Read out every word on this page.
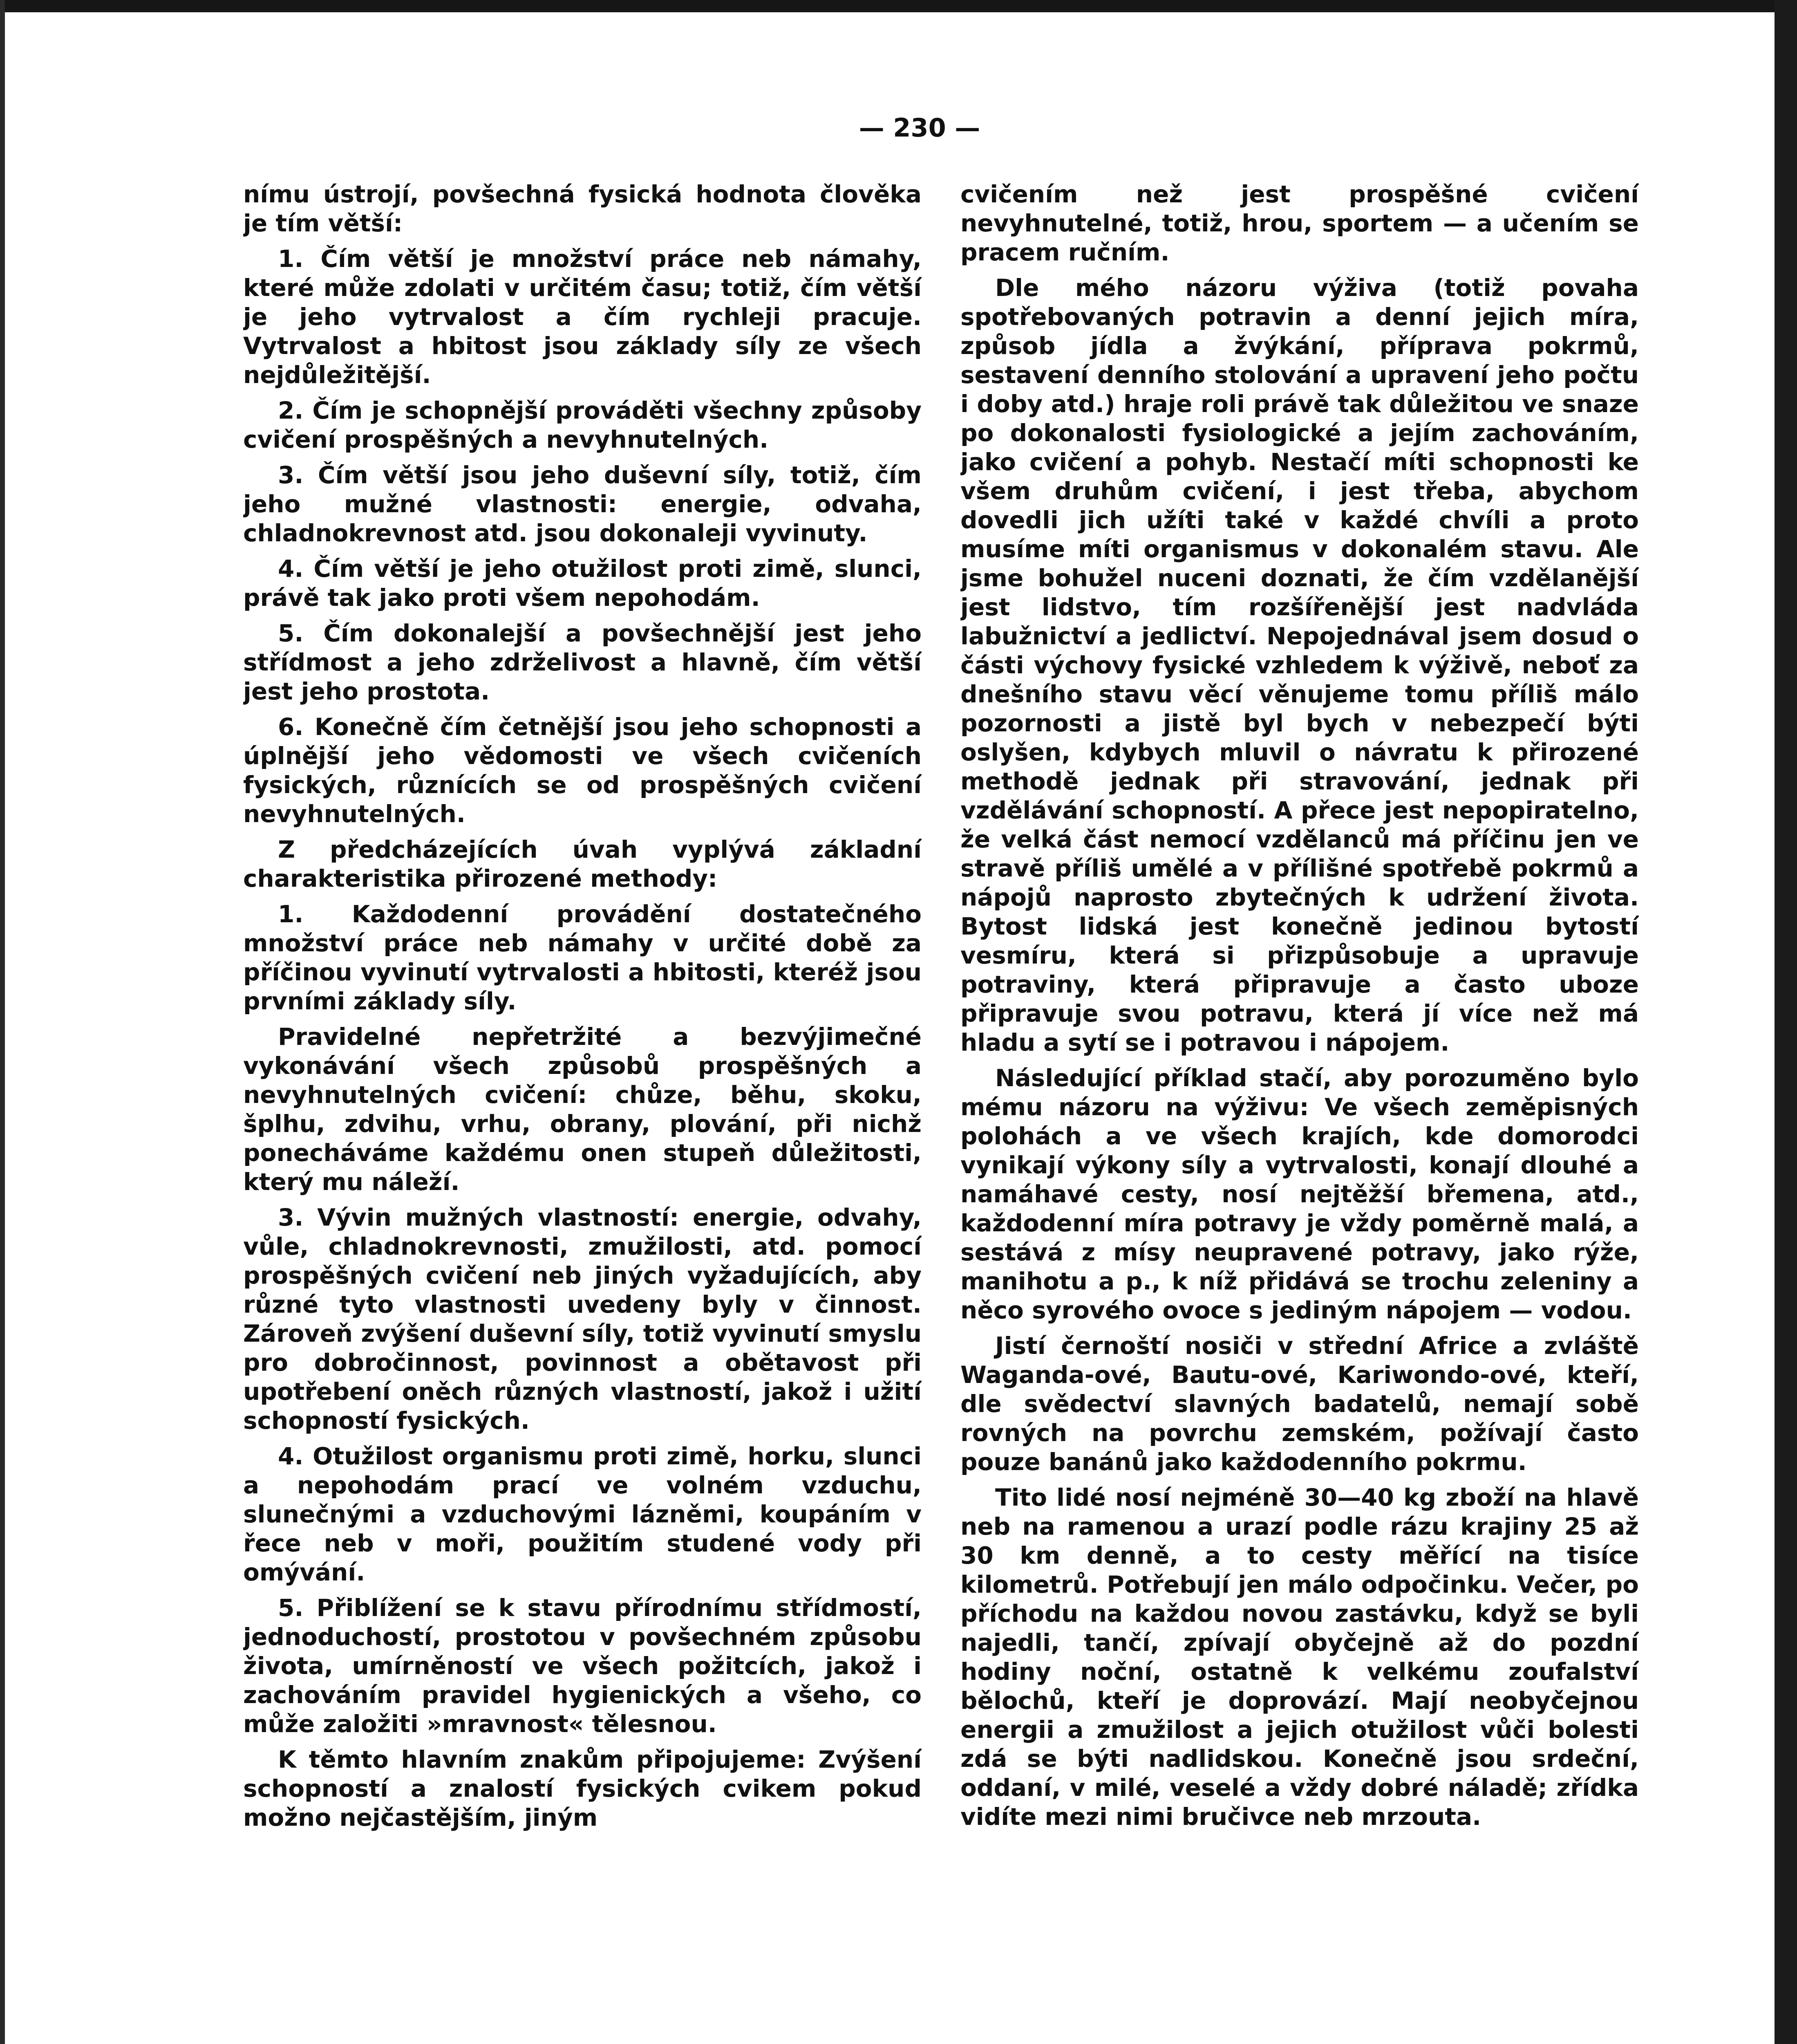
— 230 —

nímu ústrojí, povšechná fysická hodnota člověka je tím větší:

1. Čím větší je množství práce neb námahy, které může zdolati v určitém času; totiž, čím větší je jeho vytrvalost a čím rychleji pracuje. Vytrvalost a hbitost jsou základy síly ze všech nejdůležitější.

2. Čím je schopnější prováděti všechny způsoby cvičení prospěšných a nevyhnutelných.

3. Čím větší jsou jeho duševní síly, totiž, čím jeho mužné vlastnosti: energie, odvaha, chladnokrevnost atd. jsou dokonaleji vyvinuty.

4. Čím větší je jeho otužilost proti zimě, slunci, právě tak jako proti všem nepohodám.

5. Čím dokonalejší a povšechnější jest jeho střídmost a jeho zdrželivost a hlavně, čím větší jest jeho prostota.

6. Konečně čím četnější jsou jeho schopnosti a úplnější jeho vědomosti ve všech cvičeních fysických, různících se od prospěšných cvičení nevyhnutelných.

Z předcházejících úvah vyplývá základní charakteristika přirozené methody:

1. Každodenní provádění dostatečného množství práce neb námahy v určité době za příčinou vyvinutí vytrvalosti a hbitosti, kteréž jsou prvními základy síly.

Pravidelné nepřetržité a bezvýjimečné vykonávání všech způsobů prospěšných a nevyhnutelných cvičení: chůze, běhu, skoku, šplhu, zdvihu, vrhu, obrany, plování, při nichž ponecháváme každému onen stupeň důležitosti, který mu náleží.

3. Vývin mužných vlastností: energie, odvahy, vůle, chladnokrevnosti, zmužilosti, atd. pomocí prospěšných cvičení neb jiných vyžadujících, aby různé tyto vlastnosti uvedeny byly v činnost. Zároveň zvýšení duševní síly, totiž vyvinutí smyslu pro dobročinnost, povinnost a obětavost při upotřebení oněch různých vlastností, jakož i užití schopností fysických.

4. Otužilost organismu proti zimě, horku, slunci a nepohodám prací ve volném vzduchu, slunečnými a vzduchovými lázněmi, koupáním v řece neb v moři, použitím studené vody při omývání.

5. Přiblížení se k stavu přírodnímu střídmostí, jednoduchostí, prostotou v povšechném způsobu života, umírněností ve všech požitcích, jakož i zachováním pravidel hygienických a všeho, co může založiti »mravnost« tělesnou.

K těmto hlavním znakům připojujeme: Zvýšení schopností a znalostí fysických cvikem pokud možno nejčastějším, jiným

cvičením než jest prospěšné cvičení nevyhnutelné, totiž, hrou, sportem — a učením se pracem ručním.

Dle mého názoru výživa (totiž povaha spotřebovaných potravin a denní jejich míra, způsob jídla a žvýkání, příprava pokrmů, sestavení denního stolování a upravení jeho počtu i doby atd.) hraje roli právě tak důležitou ve snaze po dokonalosti fysiologické a jejím zachováním, jako cvičení a pohyb. Nestačí míti schopnosti ke všem druhům cvičení, i jest třeba, abychom dovedli jich užíti také v každé chvíli a proto musíme míti organismus v dokonalém stavu. Ale jsme bohužel nuceni doznati, že čím vzdělanější jest lidstvo, tím rozšířenější jest nadvláda labužnictví a jedlictví. Nepojednával jsem dosud o části výchovy fysické vzhledem k výživě, neboť za dnešního stavu věcí věnujeme tomu příliš málo pozornosti a jistě byl bych v nebezpečí býti oslyšen, kdybych mluvil o návratu k přirozené methodě jednak při stravování, jednak při vzdělávání schopností. A přece jest nepopiratelno, že velká část nemocí vzdělanců má příčinu jen ve stravě příliš umělé a v přílišné spotřebě pokrmů a nápojů naprosto zbytečných k udržení života. Bytost lidská jest konečně jedinou bytostí vesmíru, která si přizpůsobuje a upravuje potraviny, která připravuje a často uboze připravuje svou potravu, která jí více než má hladu a sytí se i potravou i nápojem.

Následující příklad stačí, aby porozuměno bylo mému názoru na výživu: Ve všech zeměpisných polohách a ve všech krajích, kde domorodci vynikají výkony síly a vytrvalosti, konají dlouhé a namáhavé cesty, nosí nejtěžší břemena, atd., každodenní míra potravy je vždy poměrně malá, a sestává z mísy neupravené potravy, jako rýže, manihotu a p., k níž přidává se trochu zeleniny a něco syrového ovoce s jediným nápojem — vodou.

Jistí černoští nosiči v střední Africe a zvláště Waganda-ové, Bautu-ové, Kariwondo-ové, kteří, dle svědectví slavných badatelů, nemají sobě rovných na povrchu zemském, požívají často pouze banánů jako každodenního pokrmu.

Tito lidé nosí nejméně 30—40 kg zboží na hlavě neb na ramenou a urazí podle rázu krajiny 25 až 30 km denně, a to cesty měřící na tisíce kilometrů. Potřebují jen málo odpočinku. Večer, po příchodu na každou novou zastávku, když se byli najedli, tančí, zpívají obyčejně až do pozdní hodiny noční, ostatně k velkému zoufalství bělochů, kteří je doprovází. Mají neobyčejnou energii a zmužilost a jejich otužilost vůči bolesti zdá se býti nadlidskou. Konečně jsou srdeční, oddaní, v milé, veselé a vždy dobré náladě; zřídka vidíte mezi nimi bručivce neb mrzouta.
